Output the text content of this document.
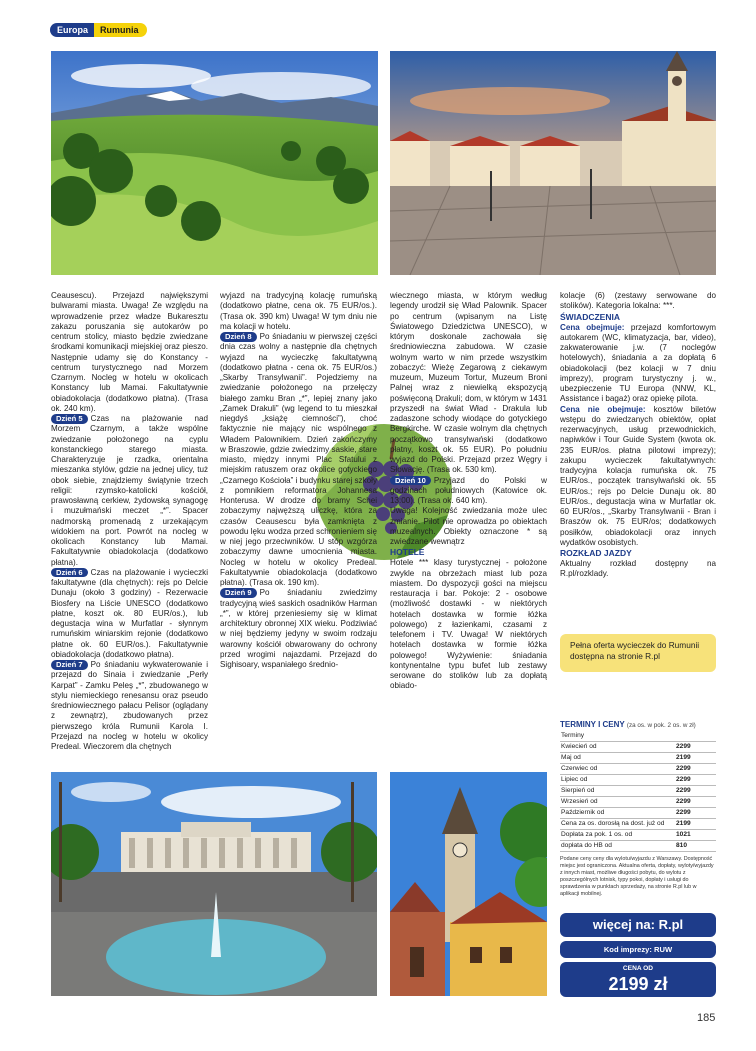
Europa	Rumunia

Ceausescu). Przejazd największymi bulwarami miasta. Uwaga! Ze względu na wprowadzenie przez władze Bukaresztu zakazu poruszania się autokarów po centrum stolicy, miasto będzie zwiedzane środkami komunikacji miejskiej oraz pieszo. Następnie udamy się do Konstancy - centrum turystycznego nad Morzem Czarnym. Nocleg w hotelu w okolicach Konstancy lub Mamai. Fakultatywnie obiadokolacja (dodatkowo płatna). (Trasa ok. 240 km).

Dzień 5 Czas na plażowanie nad Morzem Czarnym, a także wspólne zwiedzanie położonego na cyplu konstanckiego starego miasta. Charakteryzuje je rzadka, orientalna mieszanka stylów, gdzie na jednej ulicy, tuż obok siebie, znajdziemy świątynie trzech religii: rzymsko-katolicki kościół, prawosławną cerkiew, żydowską synagogę i muzułmański meczet „*”. Spacer nadmorską promenadą z urzekającym widokiem na port. Powrót na nocleg w okolicach Konstancy lub Mamai. Fakultatywnie obiadokolacja (dodatkowo płatna).

Dzień 6 Czas na plażowanie i wycieczki fakultatywne (dla chętnych): rejs po Delcie Dunaju (około 3 godziny) - Rezerwacie Biosfery na Liście UNESCO (dodatkowo płatne, koszt ok. 80 EUR/os.), lub degustacja wina w Murfatlar - słynnym rumuńskim winiarskim rejonie (dodatkowo płatne ok. 60 EUR/os.). Fakultatywnie obiadokolacja (dodatkowo płatna).

Dzień 7 Po śniadaniu wykwaterowanie i przejazd do Sinaia i zwiedzanie „Perły Karpat” - Zamku Peleș „*”, zbudowanego w stylu niemieckiego renesansu oraz pseudo średniowiecznego pałacu Pelisor (oglądany z zewnątrz), zbudowanych przez pierwszego króla Rumunii Karola I. Przejazd na nocleg w hotelu w okolicy Predeal. Wieczorem dla chętnych

wyjazd na tradycyjną kolację rumuńską (dodatkowo płatne, cena ok. 75 EUR/os.). (Trasa ok. 390 km) Uwaga! W tym dniu nie ma kolacji w hotelu.

Dzień 8 Po śniadaniu w pierwszej części dnia czas wolny a następnie dla chętnych wyjazd na wycieczkę fakultatywną (dodatkowo płatna - cena ok. 75 EUR/os.) „Skarby Transylwanii”. Pojedziemy na zwiedzanie położonego na przełęczy białego zamku Bran „*”, lepiej znany jako „Zamek Drakuli” (wg legend to tu mieszkał niegdyś „książę ciemności”), choć faktycznie nie mający nic wspólnego z Władem Palownikiem. Dzień zakończymy w Braszowie, gdzie zwiedzimy saskie, stare miasto, między innymi Plac Sfatului z miejskim ratuszem oraz okolice gotyckiego „Czarnego Kościoła” i budynku starej szkoły z pomnikiem reformatora Johannesa Honterusa. W drodze do bramy Schei zobaczymy najwęższą uliczkę, która za czasów Ceausescu była zamknięta z powodu lęku wodza przed schronieniem się w niej jego przeciwników. U stóp wzgórza zobaczymy dawne umocnienia miasta. Nocleg w hotelu w okolicy Predeal. Fakultatywnie obiadokolacja (dodatkowo płatna). (Trasa ok. 190 km).

Dzień 9 Po śniadaniu zwiedzimy tradycyjną wieś saskich osadników Harman „*”, w której przeniesiemy się w klimat architektury obronnej XIX wieku. Podziwiać w niej będziemy jedyny w swoim rodzaju warowny kościół obwarowany do ochrony przed wrogimi najazdami. Przejazd do Sighisoary, wspaniałego średnio-

wiecznego miasta, w którym według legendy urodził się Wład Palownik. Spacer po centrum (wpisanym na Listę Światowego Dziedzictwa UNESCO), w którym doskonale zachowała się średniowieczna zabudowa. W czasie wolnym warto w nim przede wszystkim zobaczyć: Wieżę Zegarową z ciekawym muzeum, Muzeum Tortur, Muzeum Broni Palnej wraz z niewielką ekspozycją poświęconą Drakuli; dom, w którym w 1431 przyszedł na świat Wład - Drakula lub zadaszone schody wiodące do gotyckiego Bergkirche. W czasie wolnym dla chętnych początkowo transylwański (dodatkowo płatny, koszt ok. 55 EUR). Po południu wyjazd do Polski. Przejazd przez Węgry i Słowację. (Trasa ok. 530 km).

Dzień 10 Przyjazd do Polski w godzinach południowych (Katowice ok. 13:00). (Trasa ok. 640 km).

Uwaga! Kolejność zwiedzania może ulec zmianie. Pilot nie oprowadza po obiektach muzealnych. Obiekty oznaczone * są zwiedzane wewnątrz

HOTELE

Hotele *** klasy turystycznej - położone zwykle na obrzeżach miast lub poza miastem. Do dyspozycji gości na miejscu restauracja i bar. Pokoje: 2 - osobowe (możliwość dostawki - w niektórych hotelach dostawka w formie łóżka polowego) z łazienkami, czasami z telefonem i TV. Uwaga! W niektórych hotelach dostawka w formie łóżka polowego! Wyżywienie: śniadania kontynentalne typu bufet lub zestawy serowane do stolików lub za dopłatą obiado-

kolacje (6) (zestawy serwowane do stolików). Kategoria lokalna: ***.

ŚWIADCZENIA

Cena obejmuje: przejazd komfortowym autokarem (WC, klimatyzacja, bar, video), zakwaterowanie j.w. (7 noclegów hotelowych), śniadania a za dopłatą 6 obiadokolacji (bez kolacji w 7 dniu imprezy), program turystyczny j. w., ubezpieczenie TU Europa (NNW, KL, Assistance i bagaż) oraz opiekę pilota.

Cena nie obejmuje: kosztów biletów wstępu do zwiedzanych obiektów, opłat rezerwacyjnych, usług przewodnickich, napiwków i Tour Guide System (kwota ok. 235 EUR/os. płatna pilotowi imprezy); zakupu wycieczek fakultatywnych: tradycyjna kolacja rumuńska ok. 75 EUR/os., początek transylwański ok. 55 EUR/os.; rejs po Delcie Dunaju ok. 80 EUR/os., degustacja wina w Murfatlar ok. 60 EUR/os., „Skarby Transylwanii - Bran i Braszów ok. 75 EUR/os; dodatkowych posiłków, obiadokolacji oraz innych wydatków osobistych.

ROZKŁAD JAZDY

Aktualny rozkład dostępny na R.pl/rozklady.

Pełna oferta wycieczek do Rumunii dostępna na stronie R.pl
TERMINY I CENY (za os. w pok. 2 os. w zł)
Terminy	
Kwiecień od	2299
Maj od	2199
Czerwiec od	2299
Lipiec od	2299
Sierpień od	2299
Wrzesień od	2299
Październik od	2299
Cena za os. dorosłą na dost. już od	2199
Dopłata za pok. 1 os. od	1021
dopłata do HB od	810
Podane ceny ceny dla wylotu/wyjazdu z Warszawy. Dostępność miejsc jest ograniczona. Aktualna oferta, dopłaty, wyloty/wyjazdy z innych miast, możliwe długości pobytu, do wylotu z poszczególnych lotnisk, typy pokoi, dopłaty i usługi do sprawdzenia w punktach sprzedaży, na stronie R.pl lub w aplikacji mobilnej.
więcej na: R.pl
Kod imprezy: RUW
CENA OD
2199 zł
185
